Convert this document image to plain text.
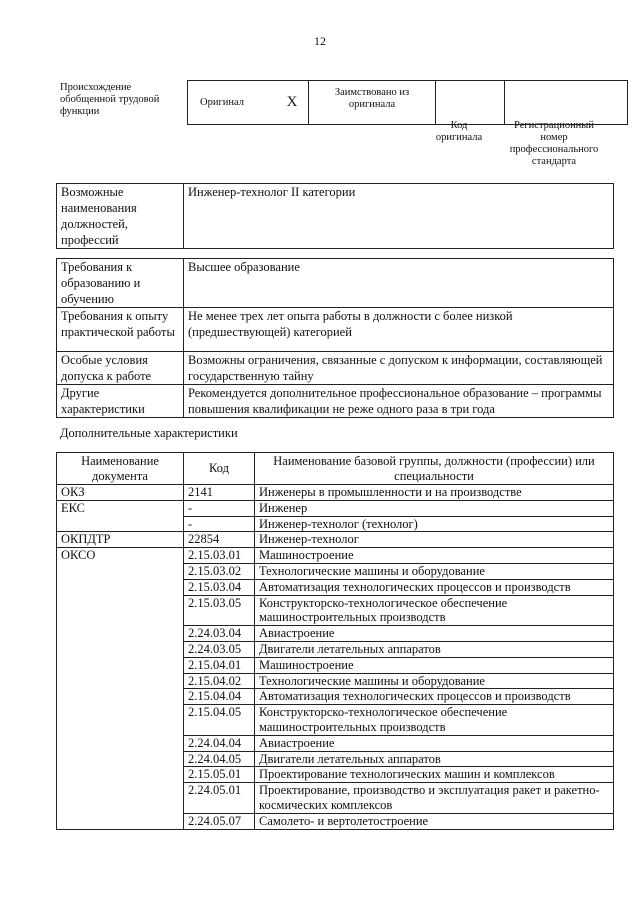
12
Происхождение обобщенной трудовой функции
Оригинал	X	Заимствовано из оригинала		
Код оригинала
Регистрационный номер профессионального стандарта
Возможные наименования должностей, профессий	Инженер-технолог II категории
Требования к образованию и обучению	Высшее образование
Требования к опыту практической работы	Не менее трех лет опыта работы в должности с более низкой (предшествующей) категорией
Особые условия допуска к работе	Возможны ограничения, связанные с допуском к информации, составляющей государственную тайну
Другие характеристики	Рекомендуется дополнительное профессиональное образование – программы повышения квалификации не реже одного раза в три года
Дополнительные характеристики
Наименование документа	Код	Наименование базовой группы, должности (профессии) или специальности
ОКЗ	2141	Инженеры в промышленности и на производстве
ЕКС	-	Инженер
	-	Инженер-технолог (технолог)
ОКПДТР	22854	Инженер-технолог
ОКСО	2.15.03.01	Машиностроение
	2.15.03.02	Технологические машины и оборудование
	2.15.03.04	Автоматизация технологических процессов и производств
	2.15.03.05	Конструкторско-технологическое обеспечение машиностроительных производств
	2.24.03.04	Авиастроение
	2.24.03.05	Двигатели летательных аппаратов
	2.15.04.01	Машиностроение
	2.15.04.02	Технологические машины и оборудование
	2.15.04.04	Автоматизация технологических процессов и производств
	2.15.04.05	Конструкторско-технологическое обеспечение машиностроительных производств
	2.24.04.04	Авиастроение
	2.24.04.05	Двигатели летательных аппаратов
	2.15.05.01	Проектирование технологических машин и комплексов
	2.24.05.01	Проектирование, производство и эксплуатация ракет и ракетно-космических комплексов
	2.24.05.07	Самолето- и вертолетостроение
